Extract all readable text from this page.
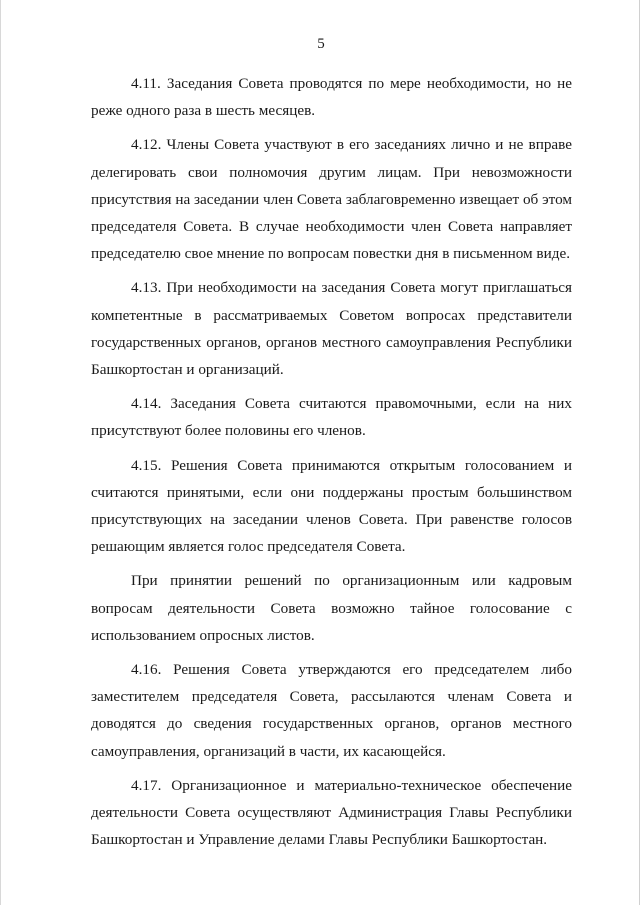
5

4.11. Заседания Совета проводятся по мере необходимости, но не реже одного раза в шесть месяцев.

4.12. Члены Совета участвуют в его заседаниях лично и не вправе делегировать свои полномочия другим лицам. При невозможности присутствия на заседании член Совета заблаговременно извещает об этом председателя Совета. В случае необходимости член Совета направляет председателю свое мнение по вопросам повестки дня в письменном виде.

4.13. При необходимости на заседания Совета могут приглашаться компетентные в рассматриваемых Советом вопросах представители государственных органов, органов местного самоуправления Республики Башкортостан и организаций.

4.14. Заседания Совета считаются правомочными, если на них присутствуют более половины его членов.

4.15. Решения Совета принимаются открытым голосованием и считаются принятыми, если они поддержаны простым большинством присутствующих на заседании членов Совета. При равенстве голосов решающим является голос председателя Совета.

При принятии решений по организационным или кадровым вопросам деятельности Совета возможно тайное голосование с использованием опросных листов.

4.16. Решения Совета утверждаются его председателем либо заместителем председателя Совета, рассылаются членам Совета и доводятся до сведения государственных органов, органов местного самоуправления, организаций в части, их касающейся.

4.17. Организационное и материально-техническое обеспечение деятельности Совета осуществляют Администрация Главы Республики Башкортостан и Управление делами Главы Республики Башкортостан.
